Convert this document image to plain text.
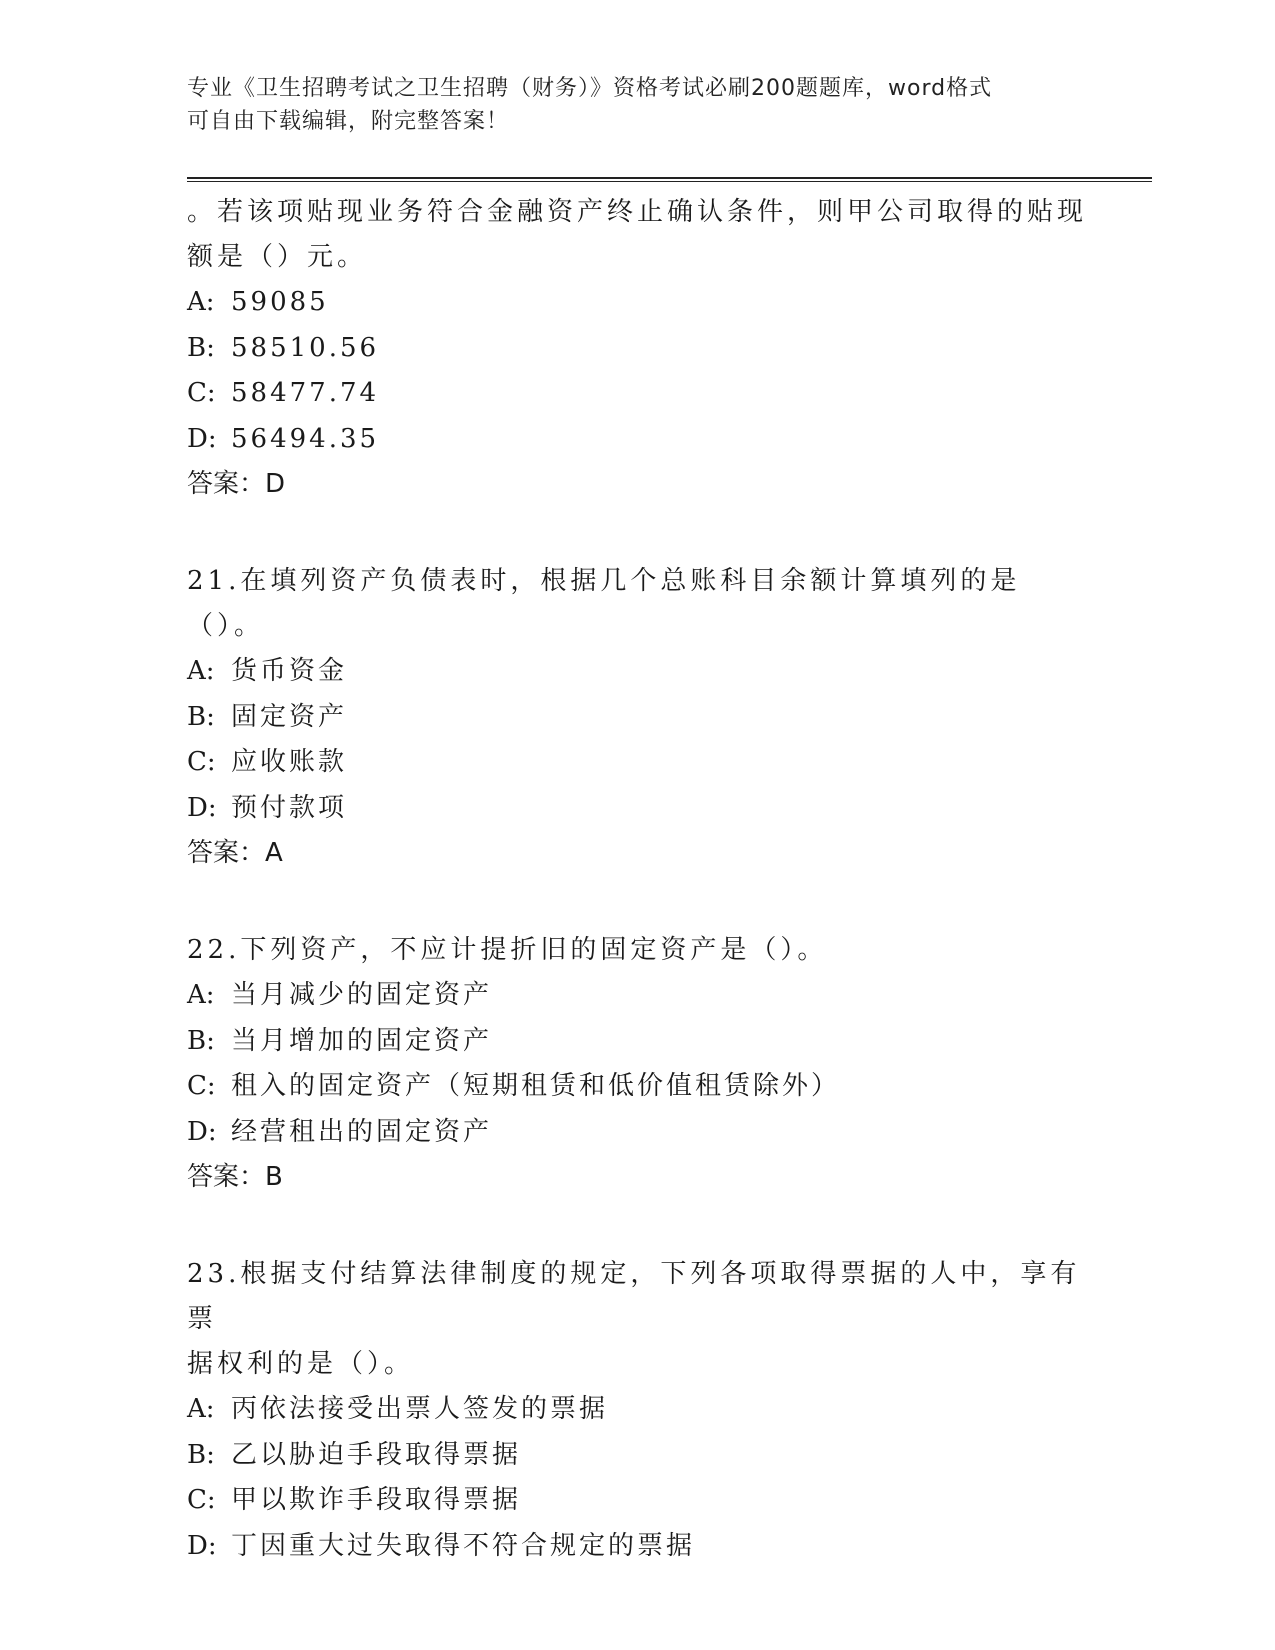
专业《卫生招聘考试之卫生招聘（财务）》资格考试必刷200题题库，word格式
可自由下载编辑，附完整答案！

。若该项贴现业务符合金融资产终止确认条件，则甲公司取得的贴现

额是（）元。

A: 59085

B: 58510.56

C: 58477.74

D: 56494.35

答案：D

21.在填列资产负债表时，根据几个总账科目余额计算填列的是（）。

A: 货币资金

B: 固定资产

C: 应收账款

D: 预付款项

答案：A

22.下列资产，不应计提折旧的固定资产是（）。

A: 当月减少的固定资产

B: 当月增加的固定资产

C: 租入的固定资产（短期租赁和低价值租赁除外）

D: 经营租出的固定资产

答案：B

23.根据支付结算法律制度的规定，下列各项取得票据的人中，享有票

据权利的是（）。

A: 丙依法接受出票人签发的票据

B: 乙以胁迫手段取得票据

C: 甲以欺诈手段取得票据

D: 丁因重大过失取得不符合规定的票据
